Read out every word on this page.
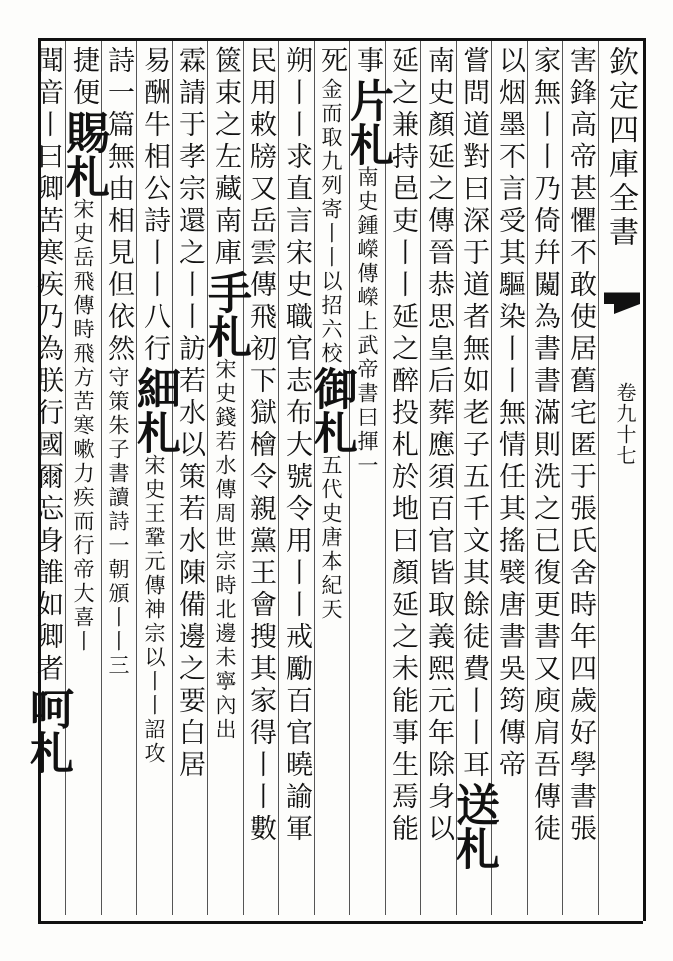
害鋒高帝甚懼不敢使居舊宅匿于張氏舍時年四歲好學書張
家無丨丨乃倚幷闚為書書滿則洗之已復更書又庾肩吾傳徒
以烟墨不言受其驅染丨丨無情任其搖襞唐書吳筠傳帝
嘗問道對曰深于道者無如老子五千文其餘徒費丨丨耳送札
南史顏延之傳晉恭思皇后葬應須百官皆取義熙元年除身以
延之兼持邑吏丨丨延之醉投札於地曰顏延之未能事生焉能
事片札南史鍾嶸傳嶸上武帝書曰揮一
死金而取九列寄丨丨以招六校御札五代史唐本紀天
朔丨丨求直言宋史職官志布大號令用丨丨戒勵百官曉諭軍
民用敕牓又岳雲傳飛初下獄檜令親黨王會搜其家得丨丨數
篋束之左藏南庫手札宋史錢若水傳周世宗時北邊未寧內出
霖請于孝宗還之丨丨訪若水以策若水陳備邊之要白居
易酬牛相公詩丨丨八行細札宋史王鞏元傳神宗以丨丨詔攻
詩一篇無由相見但依然守策朱子書讀詩一朝頒丨丨三
捷便賜札宋史岳飛傳時飛方苦寒嗽力疾而行帝大喜丨
聞音丨曰卿苦寒疾乃為朕行國爾忘身誰如卿者呵札
欽定四庫全書
卷九十七
